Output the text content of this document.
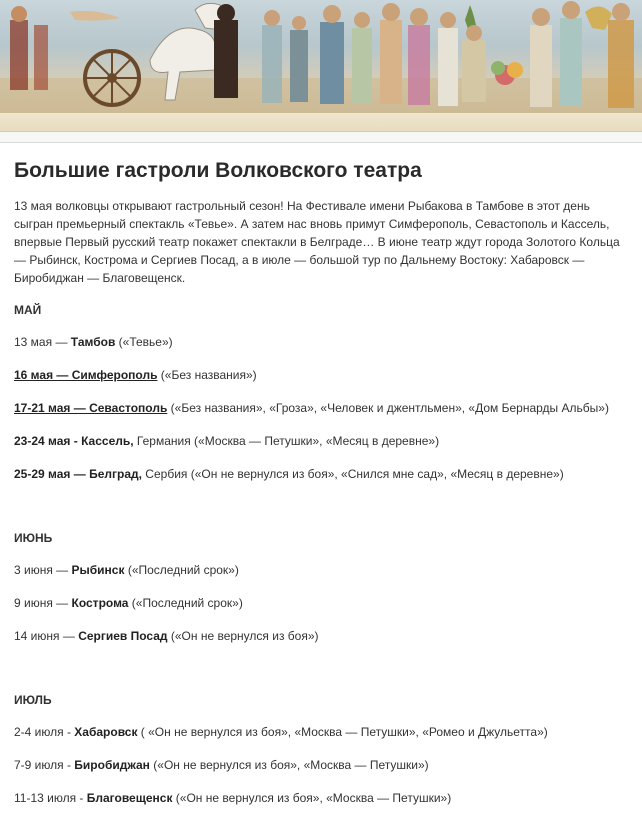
Большие гастроли Волковского театра

13 мая волковцы открывают гастрольный сезон! На Фестивале имени Рыбакова в Тамбове в этот день сыгран премьерный спектакль «Тевье». А затем нас вновь примут Симферополь, Севастополь и Кассель, впервые Первый русский театр покажет спектакли в Белграде… В июне театр ждут города Золотого Кольца — Рыбинск, Кострома и Сергиев Посад, а в июле — большой тур по Дальнему Востоку: Хабаровск — Биробиджан — Благовещенск.

МАЙ
13 мая — Тамбов («Тевье»)
16 мая — Симферополь («Без названия»)
17-21 мая — Севастополь («Без названия», «Гроза», «Человек и джентльмен», «Дом Бернарды Альбы»)
23-24 мая - Кассель, Германия («Москва — Петушки», «Месяц в деревне»)
25-29 мая — Белград, Сербия («Он не вернулся из боя», «Снился мне сад», «Месяц в деревне»)
ИЮНЬ
3 июня — Рыбинск («Последний срок»)
9 июня — Кострома («Последний срок»)
14 июня — Сергиев Посад («Он не вернулся из боя»)
ИЮЛЬ
2-4 июля - Хабаровск ( «Он не вернулся из боя», «Москва — Петушки», «Ромео и Джульетта»)
7-9 июля - Биробиджан («Он не вернулся из боя», «Москва — Петушки»)
11-13 июля - Благовещенск («Он не вернулся из боя», «Москва — Петушки»)
